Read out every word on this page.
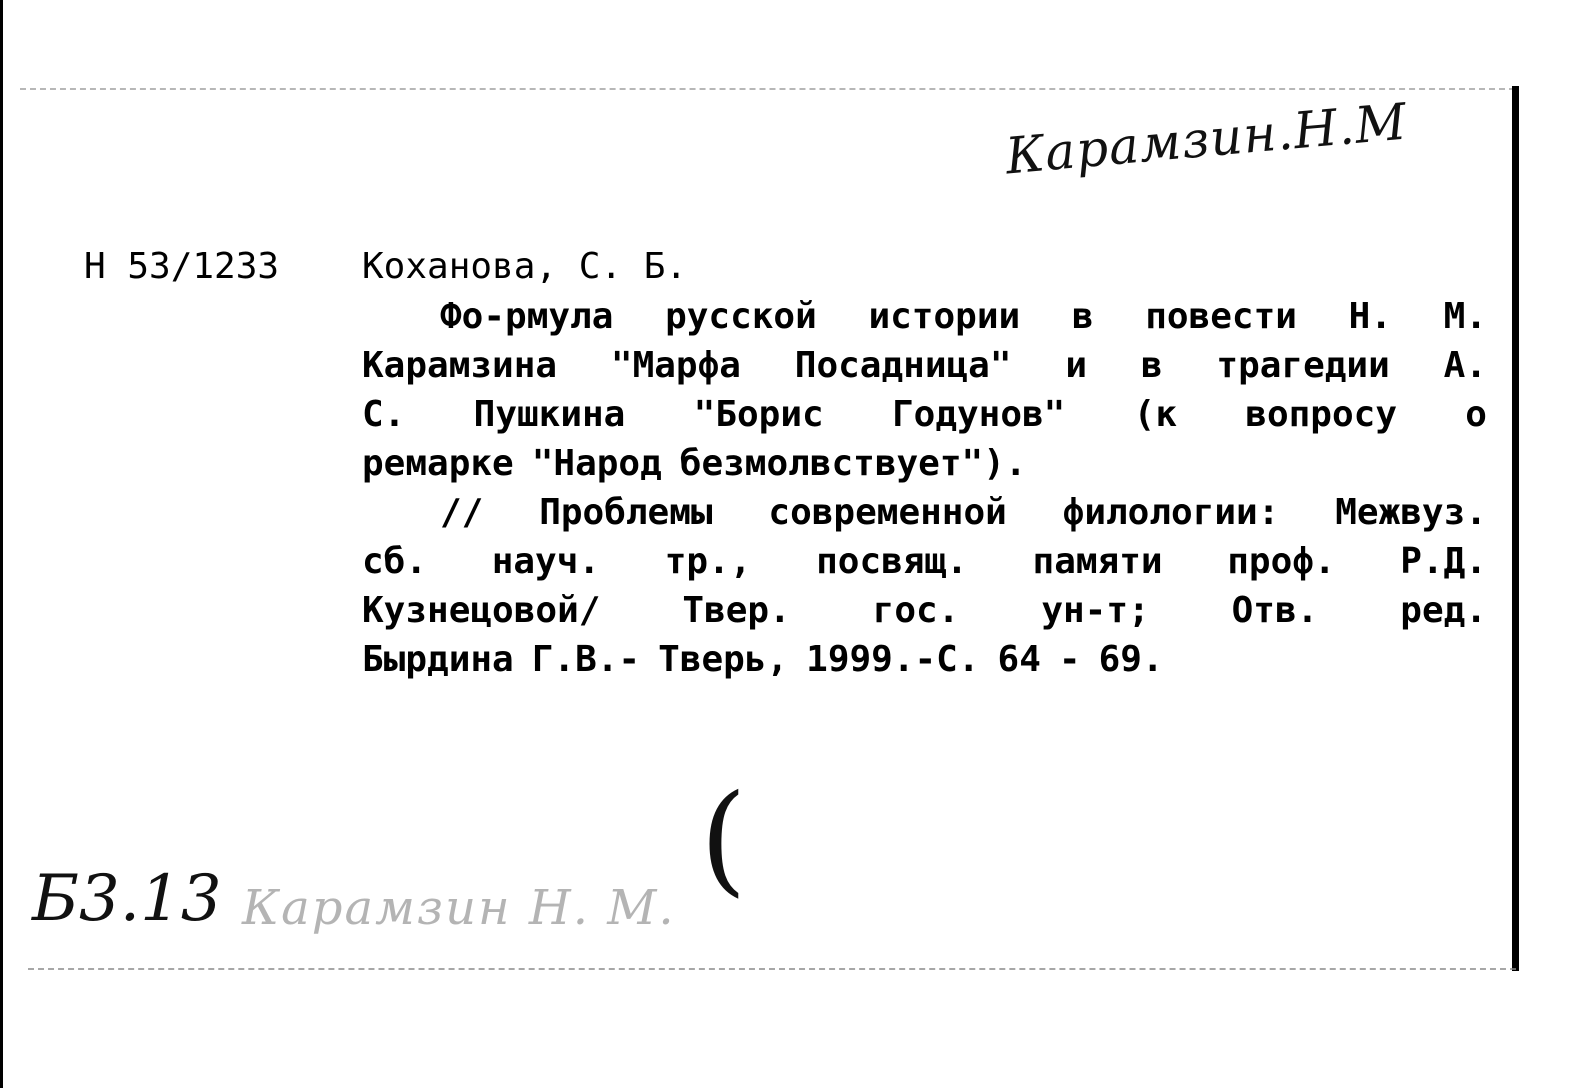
Карамзин.Н.М
Н 53/1233 Коханова, С. Б.
Фо-рмула русской истории в повести Н. М.
Карамзина "Марфа Посадница" и в трагедии А.
С. Пушкина "Борис Годунов" (к вопросу о
ремарке "Народ безмолвствует").
// Проблемы современной филологии: Межвуз.
сб. науч. тр., посвящ. памяти проф. Р.Д.
Кузнецовой/ Твер. гос. ун-т; Отв. ред.
Бырдина Г.В.- Тверь, 1999.-С. 64 - 69.
(
Б3.13 Карамзин Н. М.
